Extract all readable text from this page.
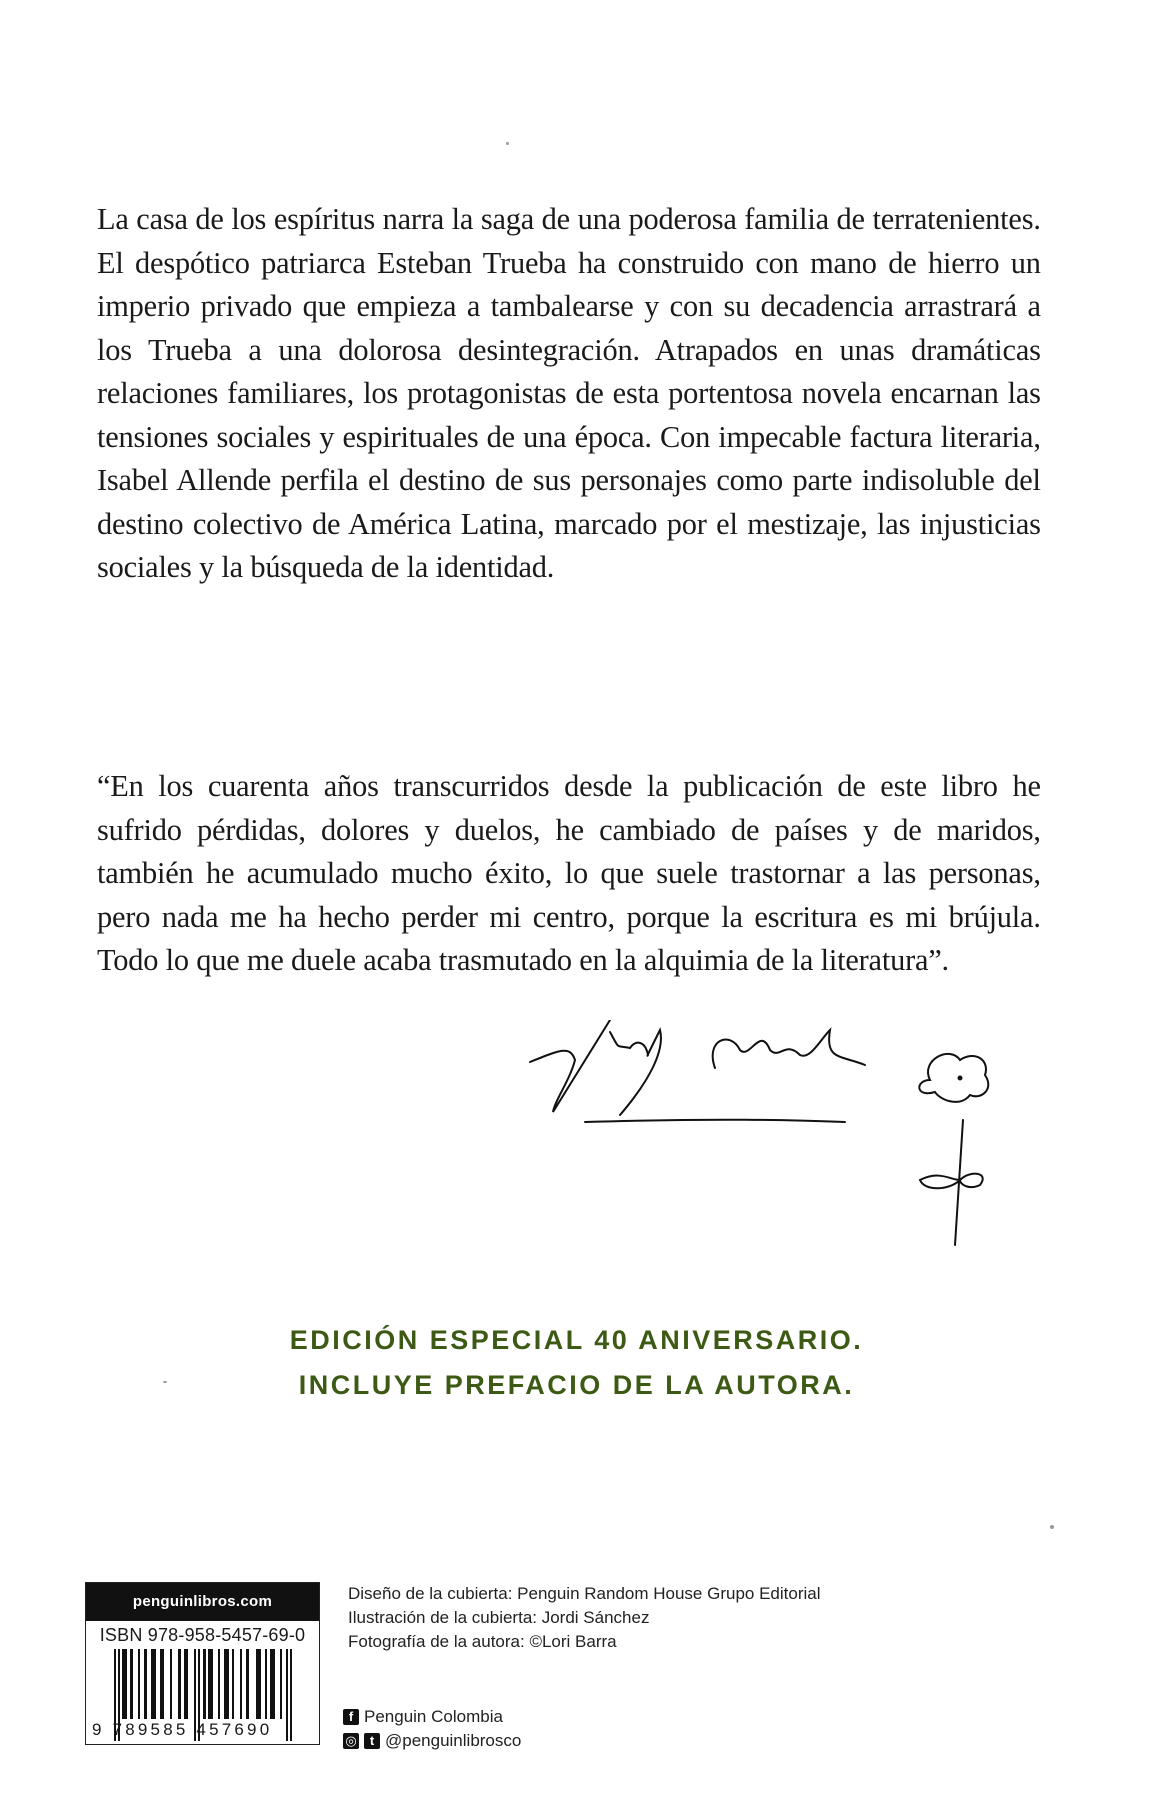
La casa de los espíritus narra la saga de una poderosa familia de terratenientes. El despótico patriarca Esteban Trueba ha construido con mano de hierro un imperio privado que empieza a tambalearse y con su decadencia arrastrará a los Trueba a una dolorosa desintegración. Atrapados en unas dramáticas relaciones familiares, los protagonistas de esta portentosa novela encarnan las tensiones sociales y espirituales de una época. Con impecable factura literaria, Isabel Allende perfila el destino de sus personajes como parte indisoluble del destino colectivo de América Latina, marcado por el mestizaje, las injusticias sociales y la búsqueda de la identidad.

“En los cuarenta años transcurridos desde la publicación de este libro he sufrido pérdidas, dolores y duelos, he cambiado de países y de maridos, también he acumulado mucho éxito, lo que suele trastornar a las personas, pero nada me ha hecho perder mi centro, porque la escritura es mi brújula. Todo lo que me duele acaba trasmutado en la alquimia de la literatura”.

EDICIÓN ESPECIAL 40 ANIVERSARIO.
INCLUYE PREFACIO DE LA AUTORA.
penguinlibros.com
ISBN 978-958-5457-69-0
9 789585 457690
Diseño de la cubierta: Penguin Random House Grupo Editorial
Ilustración de la cubierta: Jordi Sánchez
Fotografía de la autora: ©Lori Barra
f Penguin Colombia
◎	t @penguinlibrosco
